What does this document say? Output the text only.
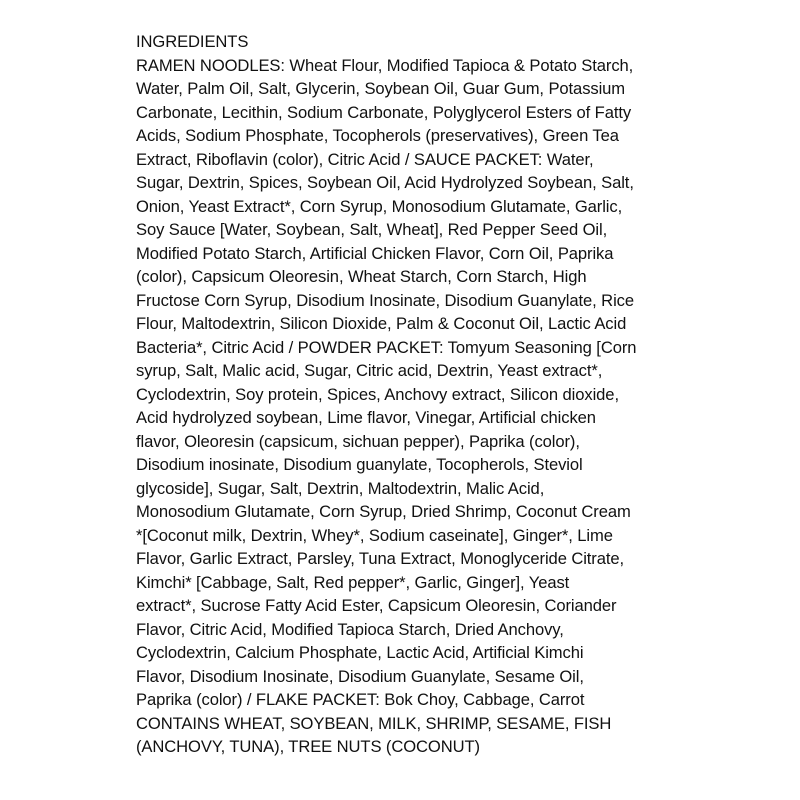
INGREDIENTS
RAMEN NOODLES: Wheat Flour, Modified Tapioca & Potato Starch,
Water, Palm Oil, Salt, Glycerin, Soybean Oil, Guar Gum, Potassium
Carbonate, Lecithin, Sodium Carbonate, Polyglycerol Esters of Fatty
Acids, Sodium Phosphate, Tocopherols (preservatives), Green Tea
Extract, Riboflavin (color), Citric Acid / SAUCE PACKET: Water,
Sugar, Dextrin, Spices, Soybean Oil, Acid Hydrolyzed Soybean, Salt,
Onion, Yeast Extract*, Corn Syrup, Monosodium Glutamate, Garlic,
Soy Sauce [Water, Soybean, Salt, Wheat], Red Pepper Seed Oil,
Modified Potato Starch, Artificial Chicken Flavor, Corn Oil, Paprika
(color), Capsicum Oleoresin, Wheat Starch, Corn Starch, High
Fructose Corn Syrup, Disodium Inosinate, Disodium Guanylate, Rice
Flour, Maltodextrin, Silicon Dioxide, Palm & Coconut Oil, Lactic Acid
Bacteria*, Citric Acid / POWDER PACKET: Tomyum Seasoning [Corn
syrup, Salt, Malic acid, Sugar, Citric acid, Dextrin, Yeast extract*,
Cyclodextrin, Soy protein, Spices, Anchovy extract, Silicon dioxide,
Acid hydrolyzed soybean, Lime flavor, Vinegar, Artificial chicken
flavor, Oleoresin (capsicum, sichuan pepper), Paprika (color),
Disodium inosinate, Disodium guanylate, Tocopherols, Steviol
glycoside], Sugar, Salt, Dextrin, Maltodextrin, Malic Acid,
Monosodium Glutamate, Corn Syrup, Dried Shrimp, Coconut Cream
*[Coconut milk, Dextrin, Whey*, Sodium caseinate], Ginger*, Lime
Flavor, Garlic Extract, Parsley, Tuna Extract, Monoglyceride Citrate,
Kimchi* [Cabbage, Salt, Red pepper*, Garlic, Ginger], Yeast
extract*, Sucrose Fatty Acid Ester, Capsicum Oleoresin, Coriander
Flavor, Citric Acid, Modified Tapioca Starch, Dried Anchovy,
Cyclodextrin, Calcium Phosphate, Lactic Acid, Artificial Kimchi
Flavor, Disodium Inosinate, Disodium Guanylate, Sesame Oil,
Paprika (color) / FLAKE PACKET: Bok Choy, Cabbage, Carrot
CONTAINS WHEAT, SOYBEAN, MILK, SHRIMP, SESAME, FISH
(ANCHOVY, TUNA), TREE NUTS (COCONUT)
